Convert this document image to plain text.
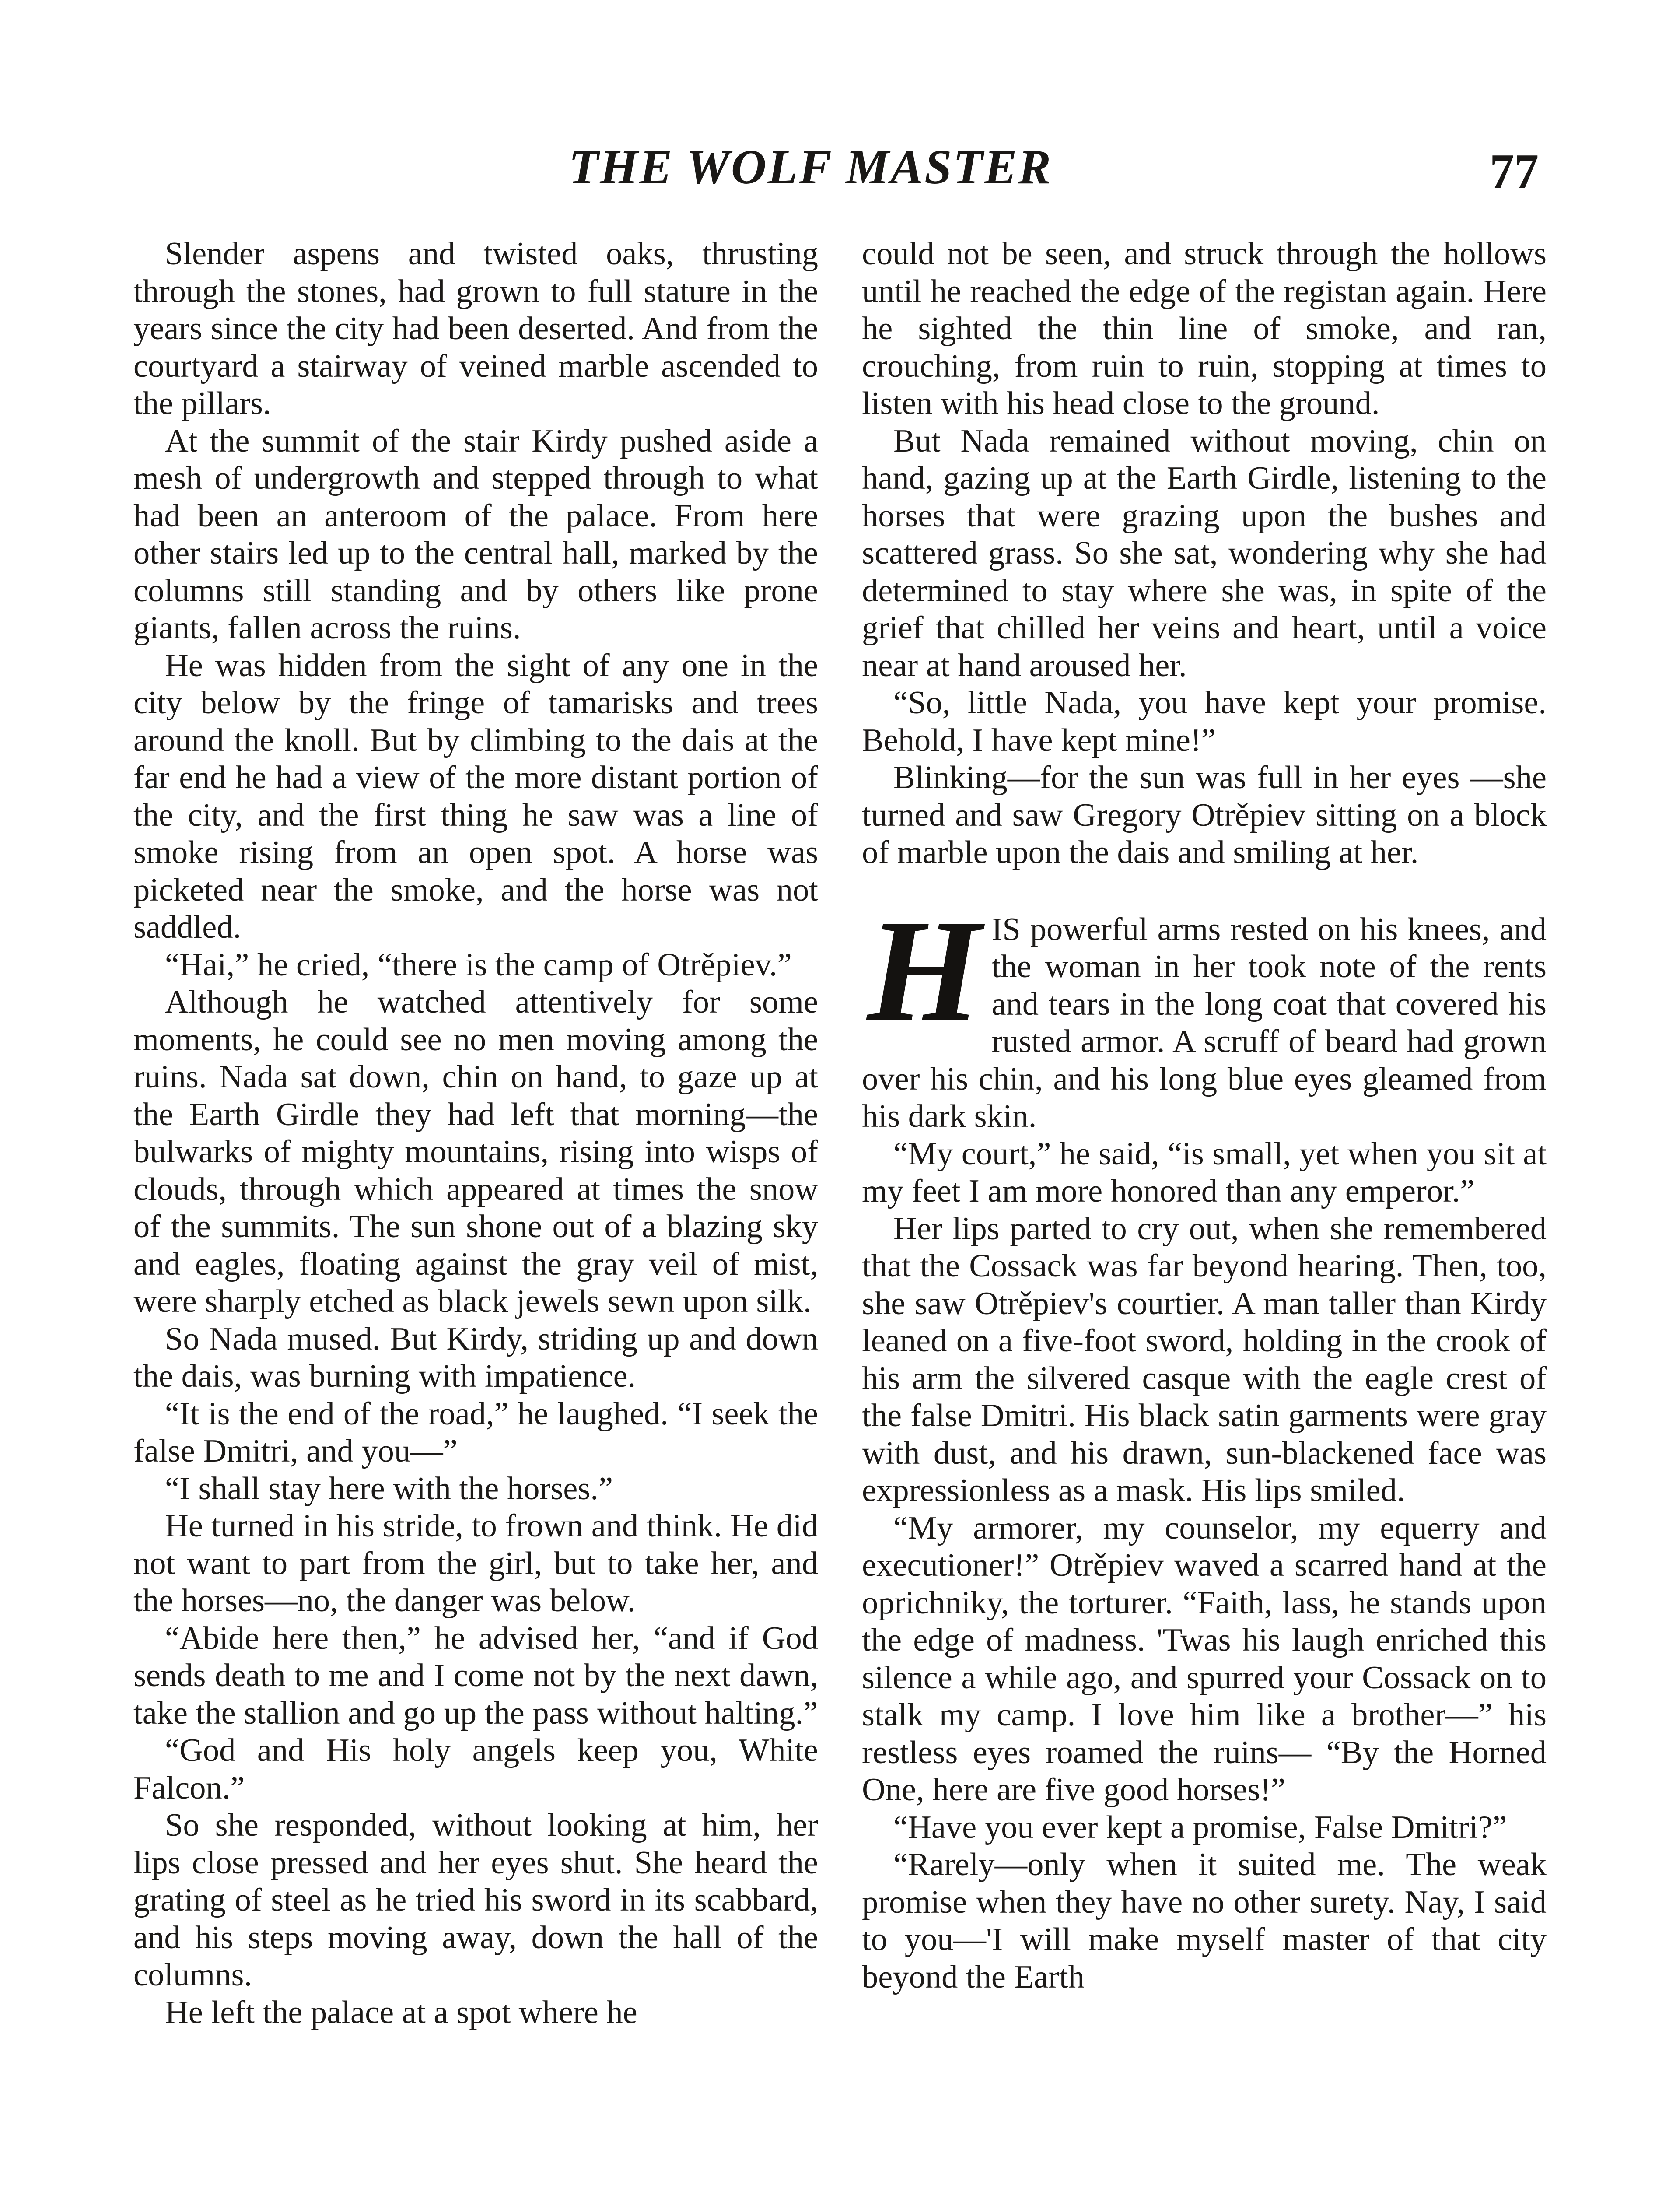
THE WOLF MASTER	77

Slender aspens and twisted oaks, thrusting through the stones, had grown to full stature in the years since the city had been deserted. And from the courtyard a stairway of veined marble ascended to the pillars.

At the summit of the stair Kirdy pushed aside a mesh of undergrowth and stepped through to what had been an anteroom of the palace. From here other stairs led up to the central hall, marked by the columns still standing and by others like prone giants, fallen across the ruins.

He was hidden from the sight of any one in the city below by the fringe of tamarisks and trees around the knoll. But by climbing to the dais at the far end he had a view of the more distant portion of the city, and the first thing he saw was a line of smoke rising from an open spot. A horse was picketed near the smoke, and the horse was not saddled.

“Hai,” he cried, “there is the camp of Otrěpiev.”

Although he watched attentively for some moments, he could see no men moving among the ruins. Nada sat down, chin on hand, to gaze up at the Earth Girdle they had left that morning—the bulwarks of mighty mountains, rising into wisps of clouds, through which appeared at times the snow of the summits. The sun shone out of a blazing sky and eagles, floating against the gray veil of mist, were sharply etched as black jewels sewn upon silk.

So Nada mused. But Kirdy, striding up and down the dais, was burning with impatience.

“It is the end of the road,” he laughed. “I seek the false Dmitri, and you—”

“I shall stay here with the horses.”

He turned in his stride, to frown and think. He did not want to part from the girl, but to take her, and the horses—no, the danger was below.

“Abide here then,” he advised her, “and if God sends death to me and I come not by the next dawn, take the stallion and go up the pass without halting.”

“God and His holy angels keep you, White Falcon.”

So she responded, without looking at him, her lips close pressed and her eyes shut. She heard the grating of steel as he tried his sword in its scabbard, and his steps moving away, down the hall of the columns.

He left the palace at a spot where he

could not be seen, and struck through the hollows until he reached the edge of the registan again. Here he sighted the thin line of smoke, and ran, crouching, from ruin to ruin, stopping at times to listen with his head close to the ground.

But Nada remained without moving, chin on hand, gazing up at the Earth Girdle, listening to the horses that were grazing upon the bushes and scattered grass. So she sat, wondering why she had determined to stay where she was, in spite of the grief that chilled her veins and heart, until a voice near at hand aroused her.

“So, little Nada, you have kept your promise. Behold, I have kept mine!”

Blinking—for the sun was full in her eyes —she turned and saw Gregory Otrěpiev sitting on a block of marble upon the dais and smiling at her.

HIS powerful arms rested on his knees, and the woman in her took note of the rents and tears in the long coat that covered his rusted armor. A scruff of beard had grown over his chin, and his long blue eyes gleamed from his dark skin.

“My court,” he said, “is small, yet when you sit at my feet I am more honored than any emperor.”

Her lips parted to cry out, when she remembered that the Cossack was far beyond hearing. Then, too, she saw Otrěpiev's courtier. A man taller than Kirdy leaned on a five-foot sword, holding in the crook of his arm the silvered casque with the eagle crest of the false Dmitri. His black satin garments were gray with dust, and his drawn, sun-blackened face was expressionless as a mask. His lips smiled.

“My armorer, my counselor, my equerry and executioner!” Otrěpiev waved a scarred hand at the oprichniky, the torturer. “Faith, lass, he stands upon the edge of madness. 'Twas his laugh enriched this silence a while ago, and spurred your Cossack on to stalk my camp. I love him like a brother—” his restless eyes roamed the ruins— “By the Horned One, here are five good horses!”

“Have you ever kept a promise, False Dmitri?”

“Rarely—only when it suited me. The weak promise when they have no other surety. Nay, I said to you—'I will make myself master of that city beyond the Earth
